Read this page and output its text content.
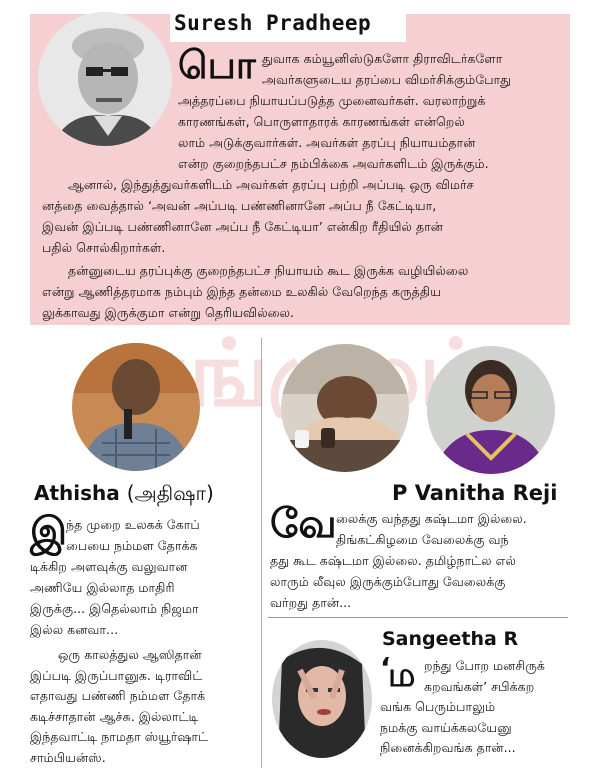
Suresh Pradheep
பொ துவாக கம்யூனிஸ்டுகளோ திராவிடர்களோ
அவர்களுடைய தரப்பை விமர்சிக்கும்போது
அத்தரப்பை நியாயப்படுத்த முனைவர்கள். வரலாற்றுக்
காரணங்கள், பொருளாதாரக் காரணங்கள் என்றெல்
லாம் அடுக்குவார்கள். அவர்கள் தரப்பு நியாயம்தான்
என்ற குறைந்தபட்ச நம்பிக்கை அவர்களிடம் இருக்கும்.
ஆனால், இந்துத்துவர்களிடம் அவர்கள் தரப்பு பற்றி அப்படி ஒரு விமர்ச
னத்தை வைத்தால் ‘அவன் அப்படி பண்ணினானே அப்ப நீ கேட்டியா,
இவன் இப்படி பண்ணினானே அப்ப நீ கேட்டியா’ என்கிற ரீதியில் தான்
பதில் சொல்கிறார்கள்.
தன்னுடைய தரப்புக்கு குறைந்தபட்ச நியாயம் கூட இருக்க வழியில்லை
என்று ஆணித்தரமாக நம்பும் இந்த தன்மை உலகில் வேறெந்த கருத்திய
லுக்காவது இருக்குமா என்று தெரியவில்லை.
Athisha (அதிஷா)	P Vanitha Reji
Sangeetha R
இ ந்த முறை உலகக் கோப்
பையை நம்மள தோக்க
டிக்கிற அளவுக்கு வலுவான
அணியே இல்லாத மாதிரி
இருக்கு... இதெல்லாம் நிஜமா
இல்ல கனவா...
ஒரு காலத்துல ஆஸிதான்
இப்படி இருப்பானுக. டிராவிட்
எதாவது பண்ணி நம்மள தோக்
கடிச்சாதான் ஆச்சு. இல்லாட்டி
இந்தவாட்டி நாமதா ஸ்யூர்ஷாட்
சாம்பியன்ஸ்.
வே லைக்கு வந்தது கஷ்டமா இல்லை.
திங்கட்கிழமை வேலைக்கு வந்
தது கூட கஷ்டமா இல்லை. தமிழ்நாட்ல எல்
லாரும் லீவுல இருக்கும்போது வேலைக்கு
வர்றது தான்...
‘
ம றந்து போற மனசிருக்
கறவங்கள்’ சபிக்கற
வங்க பெரும்பாலும்
நமக்கு வாய்க்கலயேனு
நினைக்கிறவங்க தான்...
